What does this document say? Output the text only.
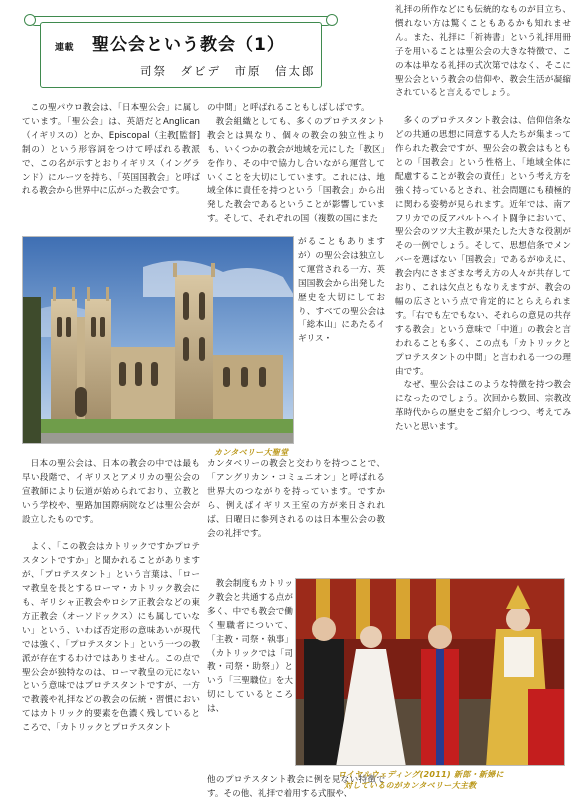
連載 聖公会という教会（1）
司祭　ダビデ　市原　信太郎

この聖パウロ教会は、「日本聖公会」に属しています。「聖公会」は、英語だとAnglican（イギリスの）とか、Episcopal（主教[監督]制の）という形容詞をつけて呼ばれる教派で、この名が示すとおりイギリス（イングランド）にルーツを持ち、「英国国教会」と呼ばれる教会から世界中に広がった教会です。

カンタベリー大聖堂

日本の聖公会は、日本の教会の中では最も早い段階で、イギリスとアメリカの聖公会の宣教師により伝道が始められており、立教という学校や、聖路加国際病院などは聖公会が設立したものです。

よく、「この教会はカトリックですかプロテスタントですか」と聞かれることがありますが、「プロテスタント」という言葉は、「ローマ教皇を長とするローマ・カトリック教会にも、ギリシャ正教会やロシア正教会などの東方正教会（オーソドックス）にも属していない」という、いわば否定形の意味あいが現代では強く、「プロテスタント」という一つの教派が存在するわけではありません。この点で聖公会が独特なのは、ローマ教皇の元にないという意味ではプロテスタントですが、一方で教義や礼拝などの教会の伝統・習慣においてはカトリック的要素を色濃く残しているところで、「カトリックとプロテスタント

の中間」と呼ばれることもしばしばです。

教会組織としても、多くのプロテスタント教会とは異なり、個々の教会の独立性よりも、いくつかの教会が地域を元にした「教区」を作り、その中で協力し合いながら運営していくことを大切にしています。これには、地域全体に責任を持つという「国教会」から出発した教会であるということが影響しています。そして、それぞれの国（複数の国にまた

がることもありますが）の聖公会は独立して運営される一方、英国国教会から出発した歴史を大切にしており、すべての聖公会は「総本山」にあたるイギリス・

カンタベリーの教会と交わりを持つことで、「アングリカン・コミュニオン」と呼ばれる世界大のつながりを持っています。ですから、例えばイギリス王室の方が来日されれば、日曜日に参列されるのは日本聖公会の教会の礼拝です。

教会制度もカトリック教会と共通する点が多く、中でも教会で働く聖職者について、「主教・司祭・執事」（カトリックでは「司教・司祭・助祭」）という「三聖職位」を大切にしているところは、

他のプロテスタント教会に例を見ない特徴です。その他、礼拝で着用する式服や、

ロイヤルウェディング(2011) 新郎・新婦に
対しているのがカンタベリー大主教

礼拝の所作などにも伝統的なものが目立ち、慣れない方は驚くこともあるかも知れません。また、礼拝に「祈祷書」という礼拝用冊子を用いることは聖公会の大きな特徴で、この本は単なる礼拝の式次第ではなく、そこに聖公会という教会の信仰や、教会生活が凝縮されていると言えるでしょう。

多くのプロテスタント教会は、信仰信条などの共通の思想に同意する人たちが集まって作られた教会ですが、聖公会の教会はもともとの「国教会」という性格上、「地域全体に配慮することが教会の責任」という考え方を強く持っているとされ、社会問題にも積極的に関わる姿勢が見られます。近年では、南アフリカでの反アパルトヘイト闘争において、聖公会のツツ大主教が果たした大きな役割がその一例でしょう。そして、思想信条でメンバーを選ばない「国教会」であるがゆえに、教会内にさまざまな考え方の人々が共存しており、これは欠点ともなりえますが、教会の幅の広さという点で肯定的にとらえられます。「右でも左でもない、それらの意見の共存する教会」という意味で「中道」の教会と言われることも多く、この点も「カトリックとプロテスタントの中間」と言われる一つの理由です。

なぜ、聖公会はこのような特徴を持つ教会になったのでしょう。次回から数回、宗教改革時代からの歴史をご紹介しつつ、考えてみたいと思います。
